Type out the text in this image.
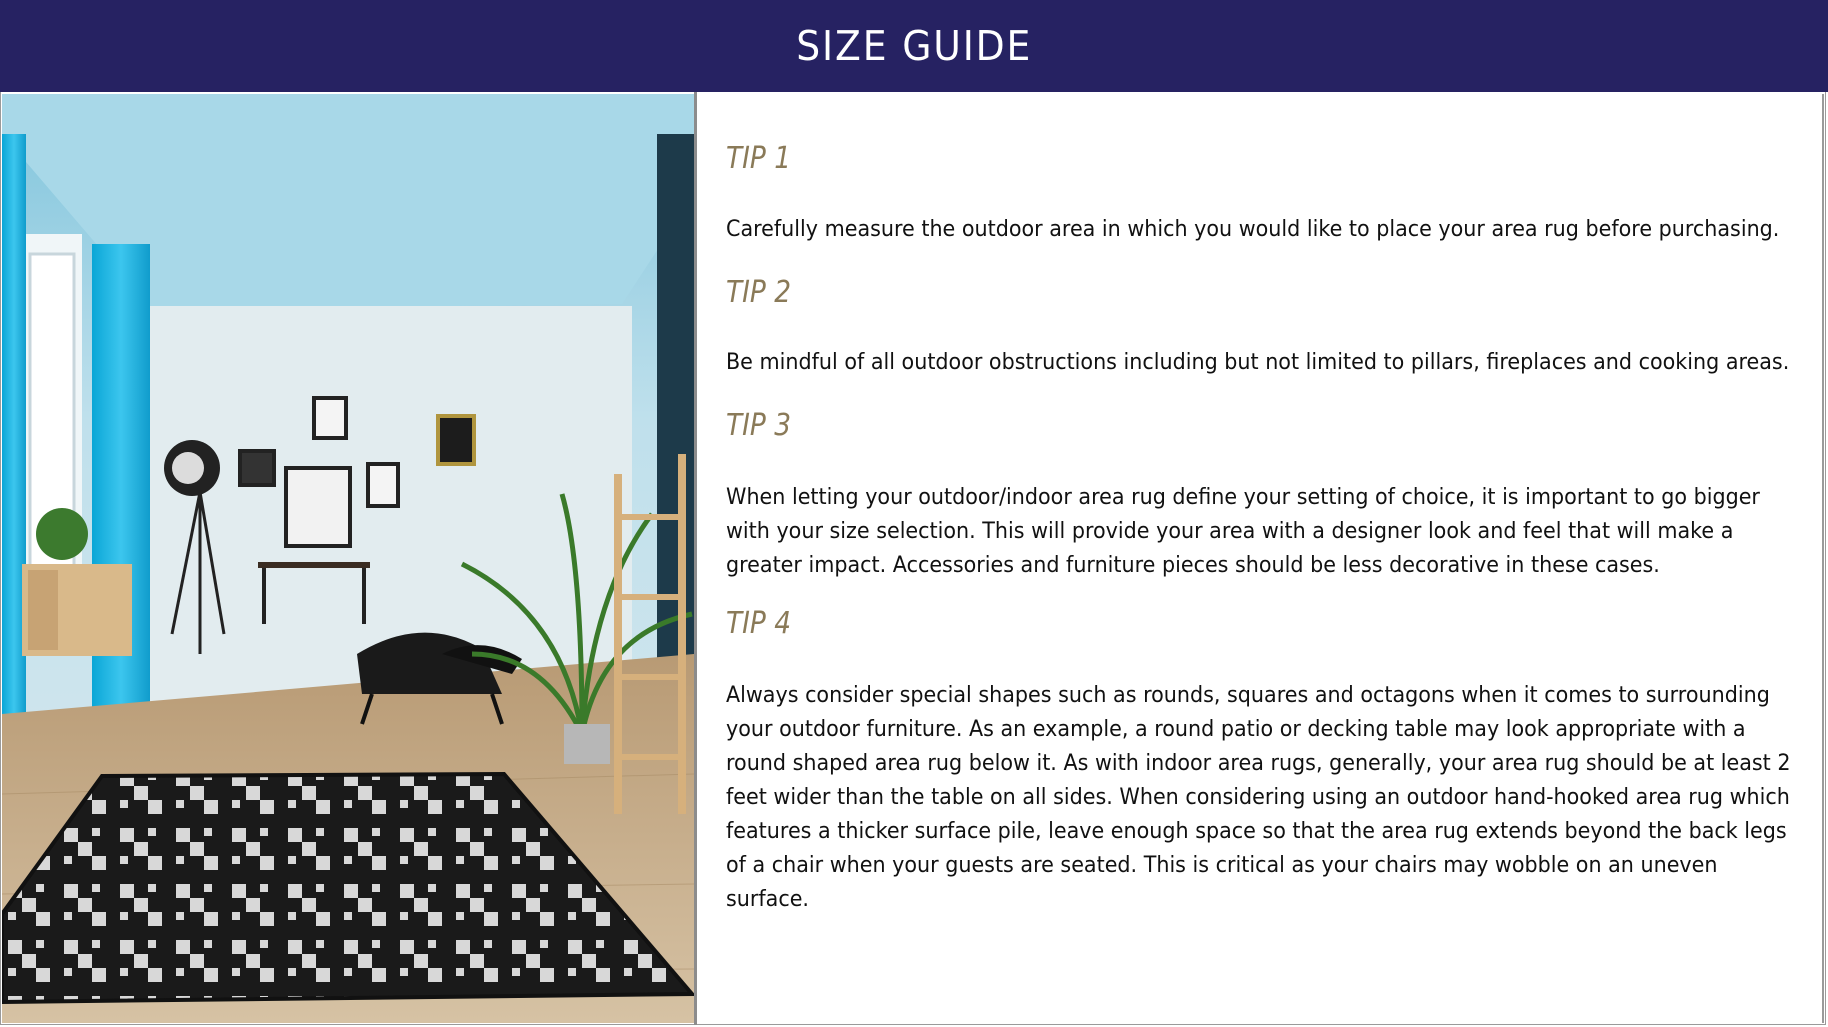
SIZE GUIDE
TIP 1

Carefully measure the outdoor area in which you would like to place your area rug before purchasing.

TIP 2

Be mindful of all outdoor obstructions including but not limited to pillars, fireplaces and cooking areas.

TIP 3

When letting your outdoor/indoor area rug define your setting of choice, it is important to go bigger with your size selection. This will provide your area with a designer look and feel that will make a greater impact. Accessories and furniture pieces should be less decorative in these cases.

TIP 4

Always consider special shapes such as rounds, squares and octagons when it comes to surrounding your outdoor furniture. As an example, a round patio or decking table may look appropriate with a round shaped area rug below it. As with indoor area rugs, generally, your area rug should be at least 2 feet wider than the table on all sides. When considering using an outdoor hand-hooked area rug which features a thicker surface pile, leave enough space so that the area rug extends beyond the back legs of a chair when your guests are seated. This is critical as your chairs may wobble on an uneven surface.
